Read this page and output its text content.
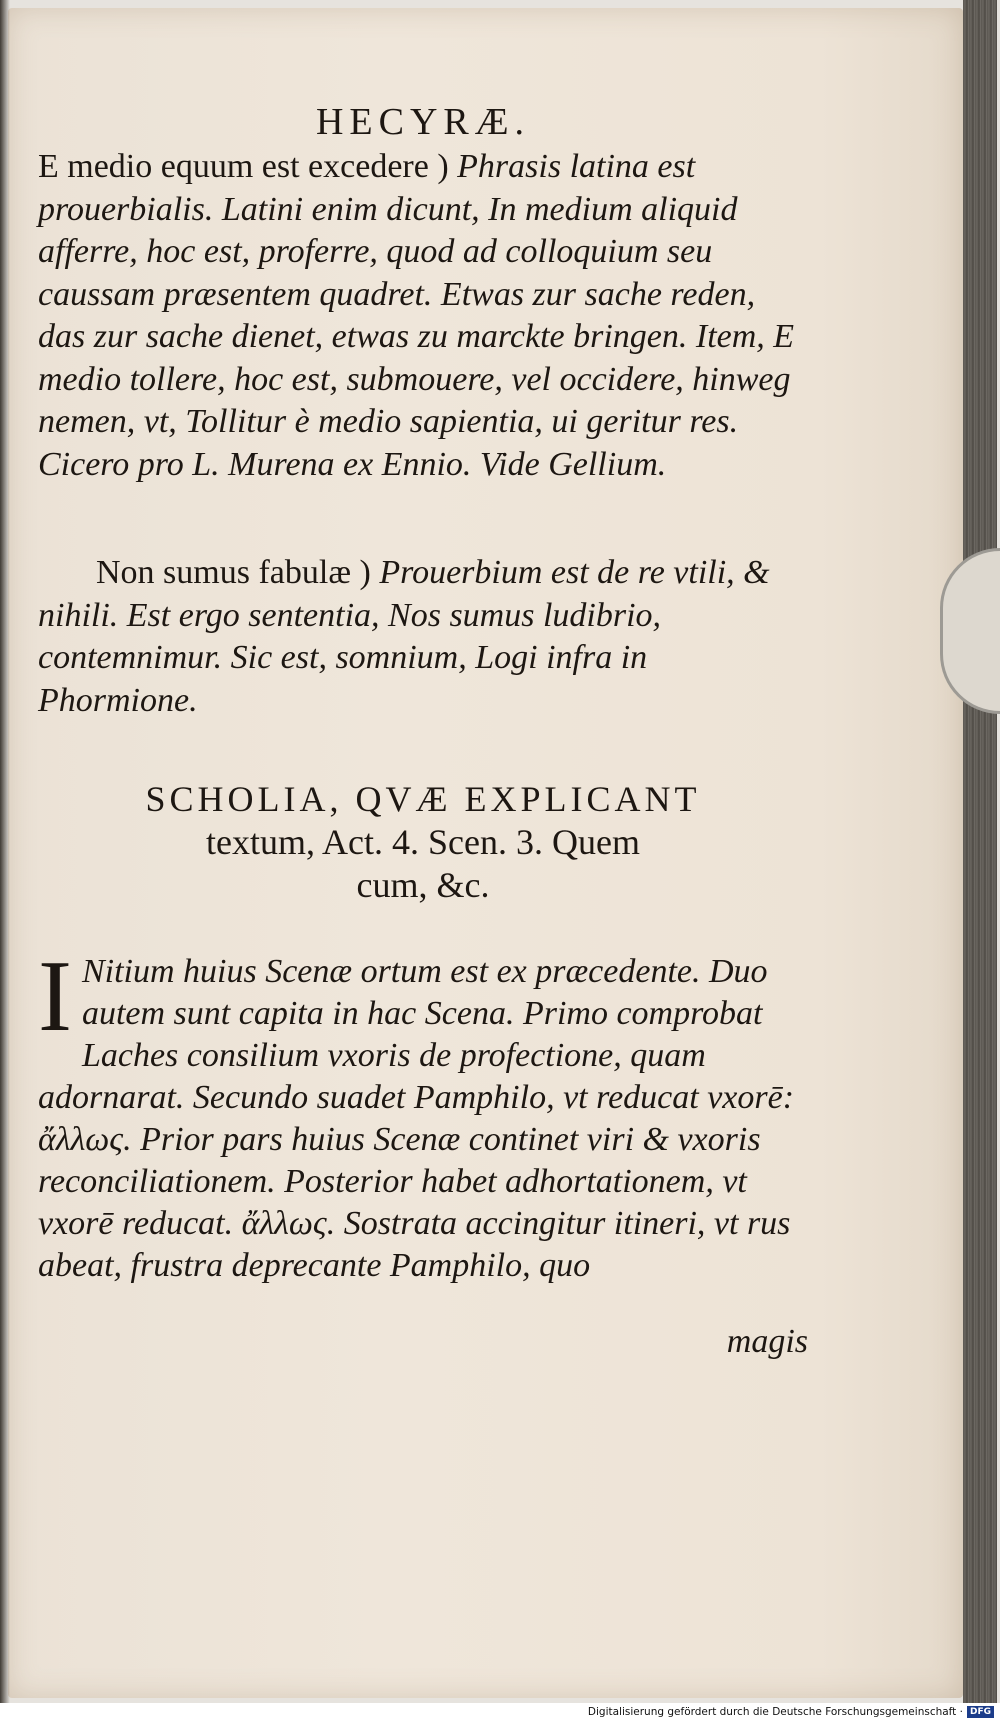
HECYRÆ.

E medio equum est excedere ) Phrasis latina est prouerbialis. Latini enim dicunt, In medium aliquid afferre, hoc est, proferre, quod ad colloquium seu caussam præsentem quadret. Etwas zur sache reden, das zur sache dienet, etwas zu marckte bringen. Item, E medio tollere, hoc est, submouere, vel occidere, hinweg nemen, vt, Tollitur è medio sapientia, ui geritur res. Cicero pro L. Murena ex Ennio. Vide Gellium.

Non sumus fabulæ ) Prouerbium est de re vtili, & nihili. Est ergo sententia, Nos sumus ludibrio, contemnimur. Sic est, somnium, Logi infra in Phormione.

SCHOLIA, QVÆ EXPLICANT
textum, Act. 4. Scen. 3. Quem
cum, &c.

I Nitium huius Scenæ ortum est ex præcedente. Duo autem sunt capita in hac Scena. Primo comprobat Laches consilium vxoris de profectione, quam adornarat. Secundo suadet Pamphilo, vt reducat vxorē: ἄλλως. Prior pars huius Scenæ continet viri & vxoris reconciliationem. Posterior habet adhortationem, vt vxorē reducat. ἄλλως. Sostrata accingitur itineri, vt rus abeat, frustra deprecante Pamphilo, quo

magis
Digitalisierung gefördert durch die Deutsche Forschungsgemeinschaft · DFG
